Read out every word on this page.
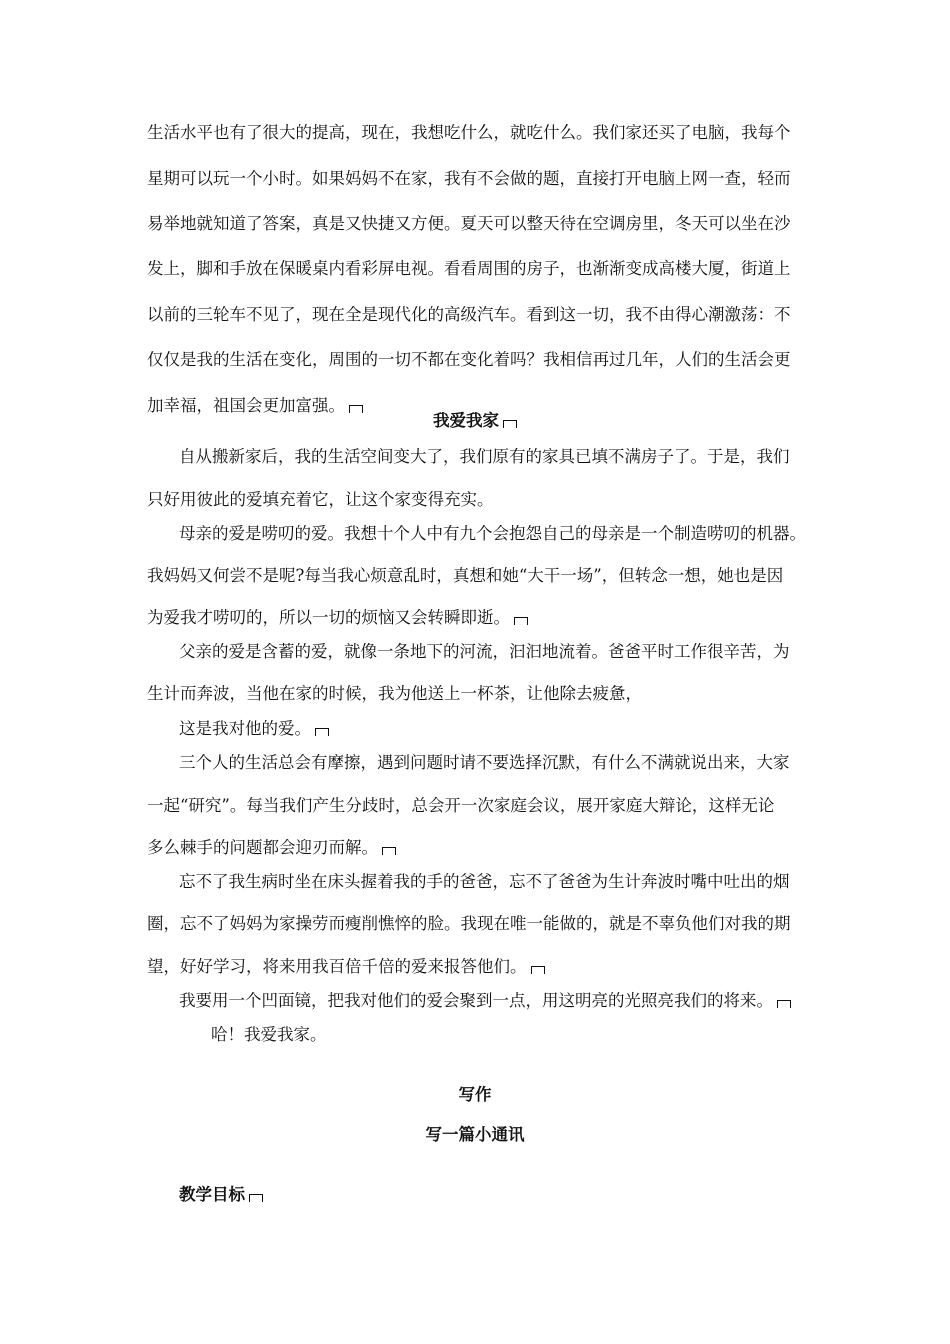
生活水平也有了很大的提高，现在，我想吃什么，就吃什么。我们家还买了电脑，我每个
星期可以玩一个小时。如果妈妈不在家，我有不会做的题，直接打开电脑上网一查，轻而
易举地就知道了答案，真是又快捷又方便。夏天可以整天待在空调房里，冬天可以坐在沙
发上，脚和手放在保暖桌内看彩屏电视。看看周围的房子，也渐渐变成高楼大厦，街道上
以前的三轮车不见了，现在全是现代化的高级汽车。看到这一切，我不由得心潮激荡：不
仅仅是我的生活在变化，周围的一切不都在变化着吗？我相信再过几年，人们的生活会更
加幸福，祖国会更加富强。
我爱我家
自从搬新家后，我的生活空间变大了，我们原有的家具已填不满房子了。于是，我们
只好用彼此的爱填充着它，让这个家变得充实。
母亲的爱是唠叨的爱。我想十个人中有九个会抱怨自己的母亲是一个制造唠叨的机器。
我妈妈又何尝不是呢?每当我心烦意乱时，真想和她“大干一场”，但转念一想，她也是因
为爱我才唠叨的，所以一切的烦恼又会转瞬即逝。
父亲的爱是含蓄的爱，就像一条地下的河流，汩汩地流着。爸爸平时工作很辛苦，为
生计而奔波，当他在家的时候，我为他送上一杯茶，让他除去疲惫，
这是我对他的爱。
三个人的生活总会有摩擦，遇到问题时请不要选择沉默，有什么不满就说出来，大家
一起“研究”。每当我们产生分歧时，总会开一次家庭会议，展开家庭大辩论，这样无论
多么棘手的问题都会迎刃而解。
忘不了我生病时坐在床头握着我的手的爸爸，忘不了爸爸为生计奔波时嘴中吐出的烟
圈，忘不了妈妈为家操劳而瘦削憔悴的脸。我现在唯一能做的，就是不辜负他们对我的期
望，好好学习，将来用我百倍千倍的爱来报答他们。
我要用一个凹面镜，把我对他们的爱会聚到一点，用这明亮的光照亮我们的将来。
哈！我爱我家。
写作
写一篇小通讯
教学目标
